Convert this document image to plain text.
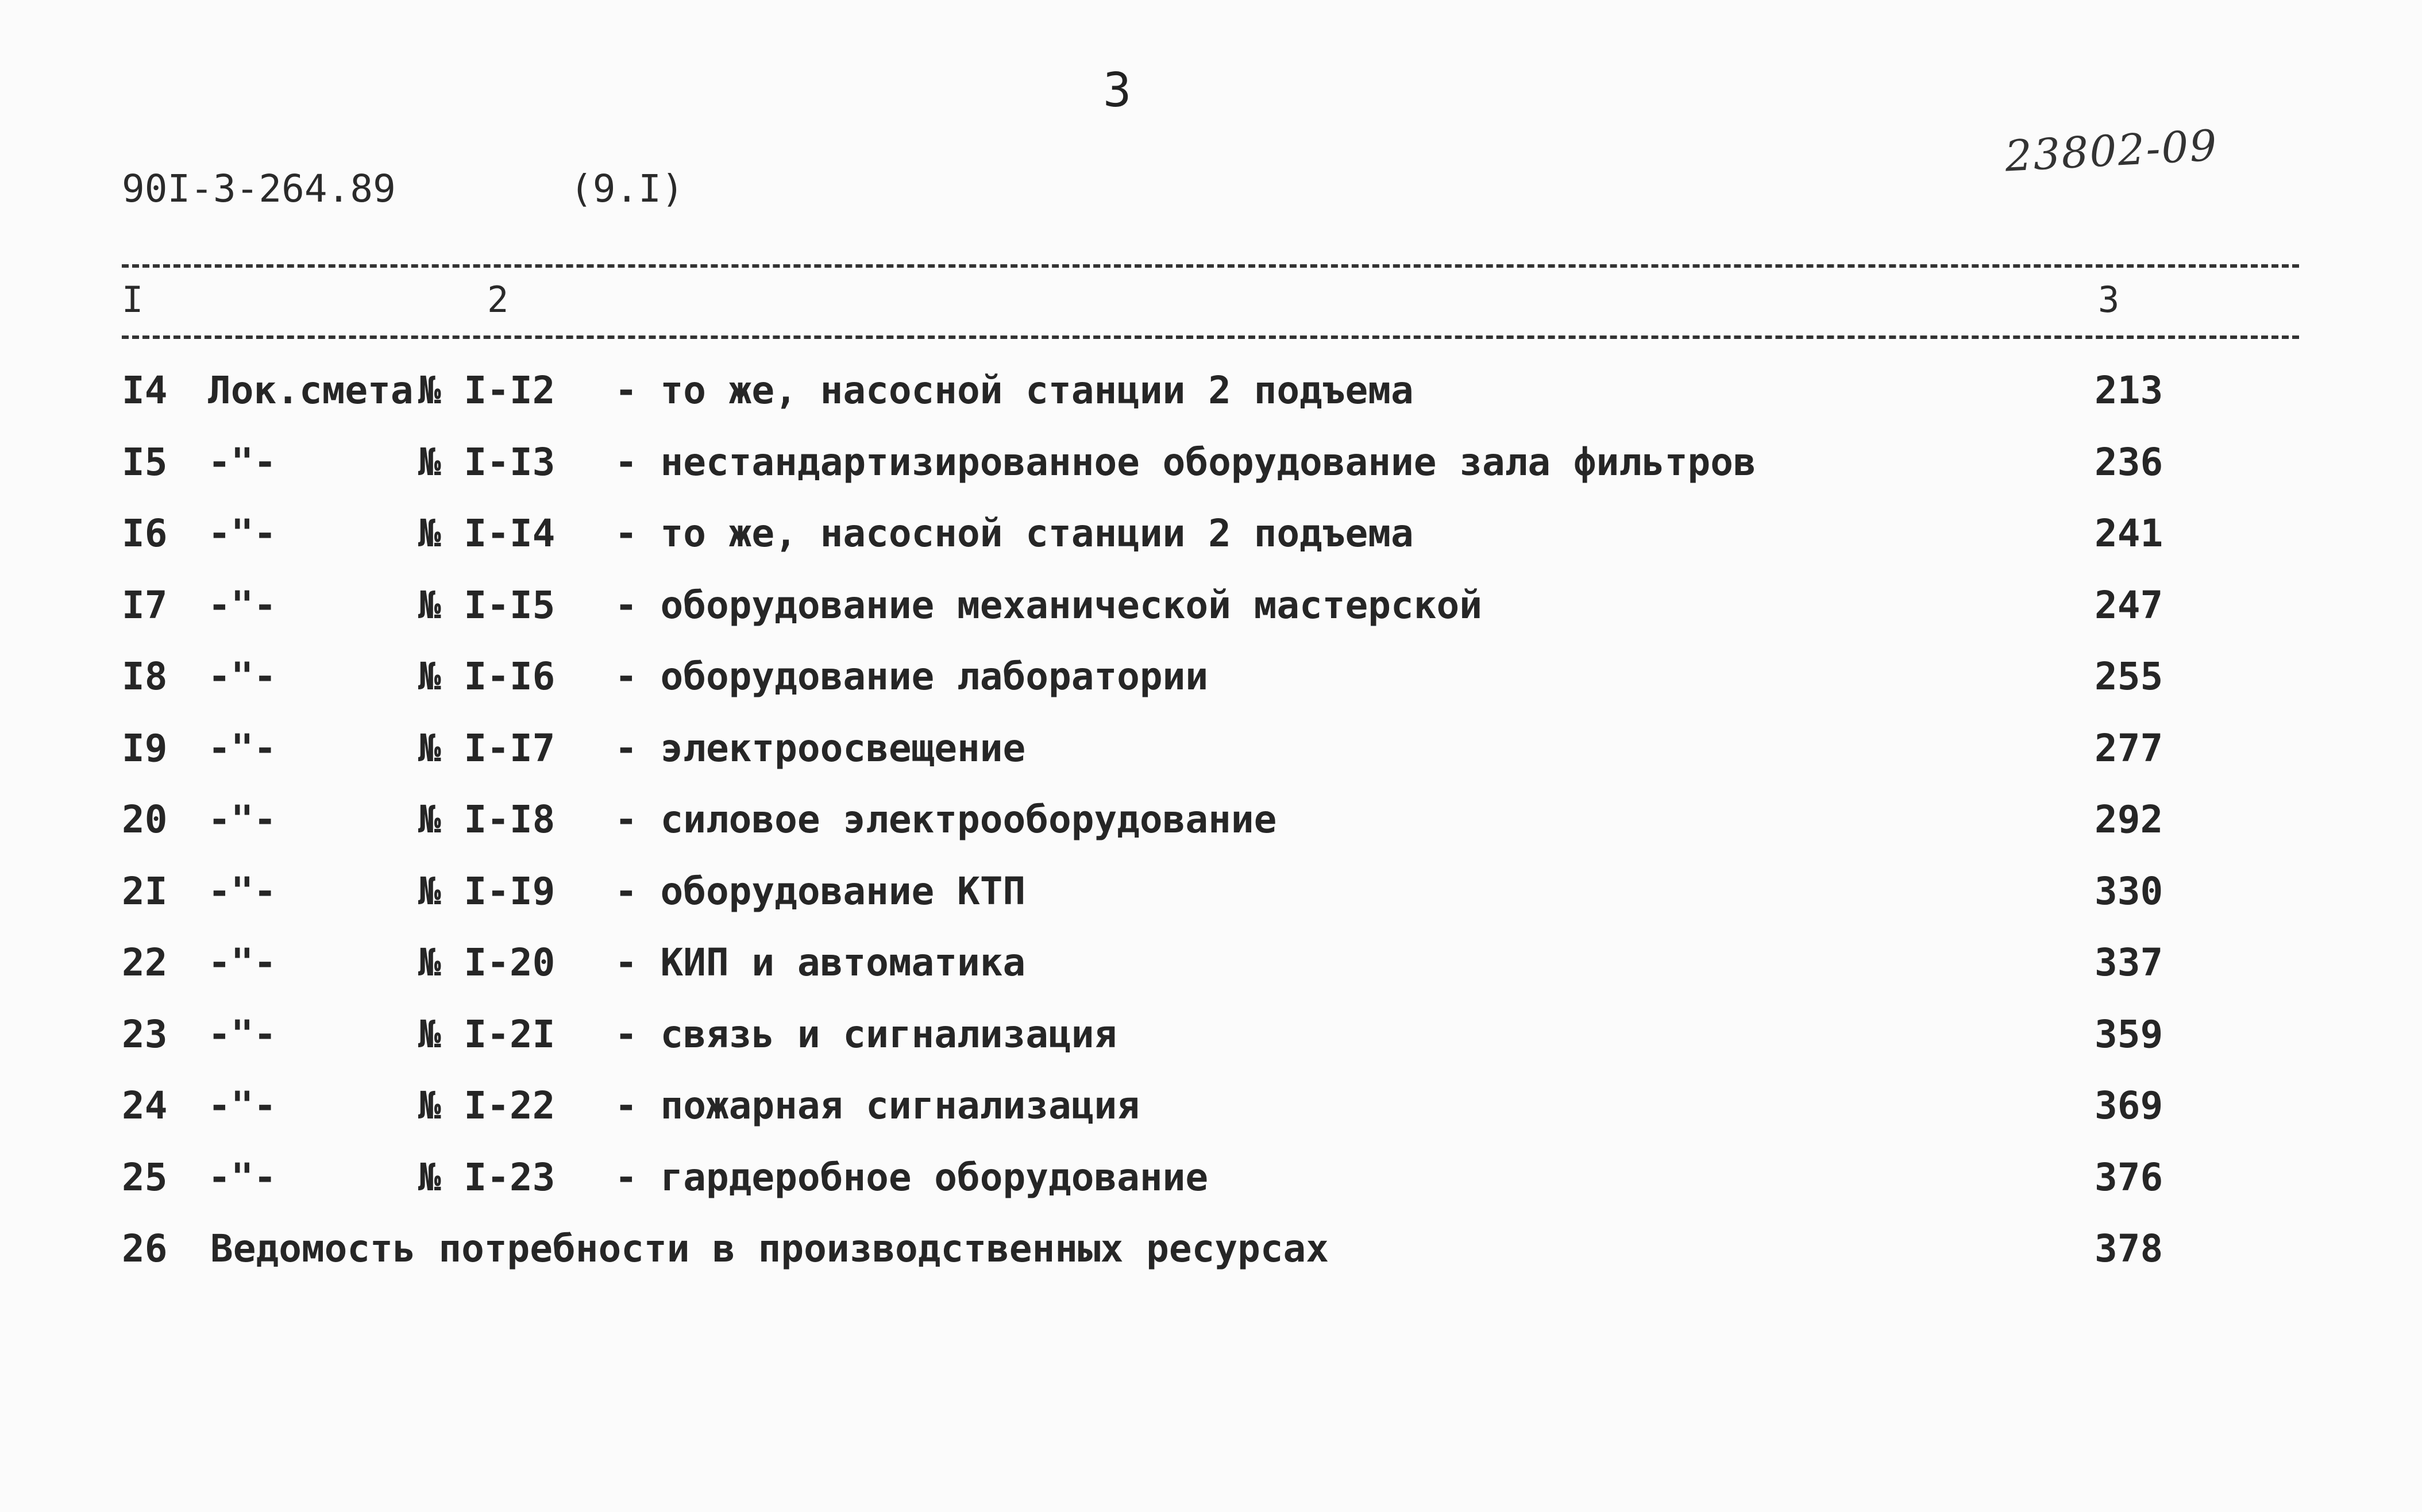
3
23802-09
90I-3-264.89	(9.I)
I	2	3
I4 Лок.смета № I-I2 - то же, насосной станции 2 подъема	213
I5 -"-	№ I-I3 - нестандартизированное оборудование зала фильтров	236
I6 -"-	№ I-I4 - то же, насосной станции 2 подъема	241
I7 -"-	№ I-I5 - оборудование механической мастерской	247
I8 -"-	№ I-I6 - оборудование лаборатории	255
I9 -"-	№ I-I7 - электроосвещение	277
20 -"-	№ I-I8 - силовое электрооборудование	292
2I -"-	№ I-I9 - оборудование КТП	330
22 -"-	№ I-20 - КИП и автоматика	337
23 -"-	№ I-2I - связь и сигнализация	359
24 -"-	№ I-22 - пожарная сигнализация	369
25 -"-	№ I-23 - гардеробное оборудование	376
26 Ведомость потребности в производственных ресурсах	378
